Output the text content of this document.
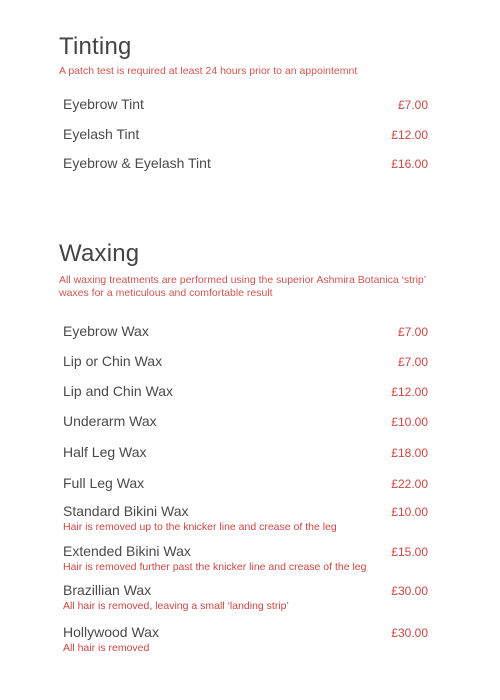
Tinting

A patch test is required at least 24 hours prior to an appointemnt

Eyebrow Tint	£7.00
Eyelash Tint	£12.00
Eyebrow & Eyelash Tint	£16.00
Waxing

All waxing treatments are performed using the superior Ashmira Botanica ‘strip’ waxes for a meticulous and comfortable result

Eyebrow Wax	£7.00
Lip or Chin Wax	£7.00
Lip and Chin Wax	£12.00
Underarm Wax	£10.00
Half Leg Wax	£18.00
Full Leg Wax	£22.00
Standard Bikini Wax	£10.00
Hair is removed up to the knicker line and crease of the leg
Extended Bikini Wax	£15.00
Hair is removed further past the knicker line and crease of the leg
Brazillian Wax	£30.00
All hair is removed, leaving a small ‘landing strip’
Hollywood Wax	£30.00
All hair is removed
